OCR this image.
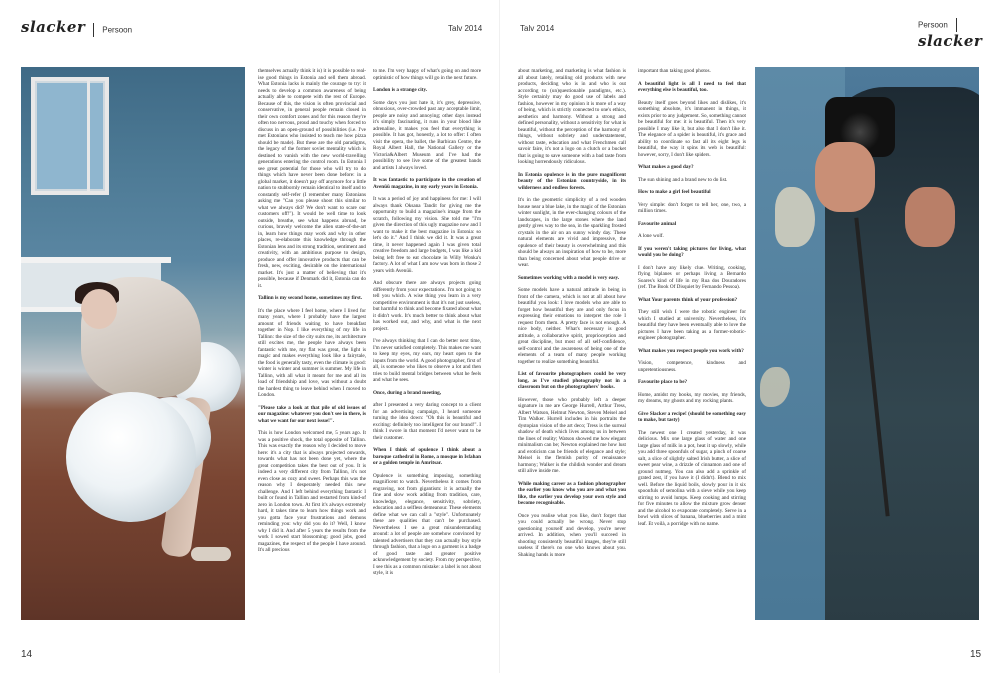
slacker Persoon	Talv 2014

themselves actually think it is) it is possible to real-ise good things in Estonia and sell them abroad. What Estonia lacks is mainly the courage to try: it needs to develop a common awareness of being actually able to compete with the rest of Europe. Because of this, the vision is often provincial and conservative, in general people remain closed in their own comfort zones and for this reason they're often too nervous, proud and touchy when forced to discuss in an open-ground of possibilities (i.e. I've met Estonians who insisted to teach me how pizza should be made). But these are the old paradigms, the legacy of the former soviet mentality which is destined to vanish with the new world-travelling generations entering the control room. In Estonia I see great potential for those who will try to do things which have never been done before: in a global market, it doesn't pay off anymore for a little nation to stubbornly remain identical to itself and to constantly self-refer (I remember many Estonians asking me "Can you please shoot this similar to what we always did? We don't want to scare our customers off!"). It would be well time to look outside, breathe, see what happens abroad, be curious, bravely welcome the alien state-of-the-art in, learn how things may work and why in other places, re-elaborate this knowledge through the Estonian lens and its strong tradition, sentiment and creativity, with an ambitious purpose to design, produce and offer innovative products that can be fresh, new, exciting, desirable on the international market. It's just a matter of believing that it's possible, because if Denmark did it, Estonia can do it.

Tallinn is my second home, sometimes my first.

It's the place where I feel home, where I lived for many years, where I probably have the largest amount of friends waiting to have breakfast together in Nop. I like everything of my life in Tallinn: the size of the city suits me, its architecture still excites me, the people have always been fantastic with me, my flat was great, the light is magic and makes everything look like a fairytale, the food is generally tasty, even the climate is good: winter is winter and summer is summer. My life in Tallinn, with all what it meant for me and all its load of friendship and love, was without a doubt the hardest thing to leave behind when I moved to London.

"Please take a look at that pile of old issues of our magazine: whatever you don't see in there, is what we want for our next issue!".

This is how London welcomed me, 5 years ago. It was a positive shock, the total opposite of Tallinn. This was exactly the reason why I decided to move here: it's a city that is always projected onwards, towards what has not been done yet, where the great competition takes the best out of you. It is indeed a very different city from Tallinn, it's not even close as cozy and sweet. Perhaps this was the reason why I desperately needed this new challenge. And I left behind everything fantastic I built or found in Tallinn and restarted from kind-of zero in London town. At first it's always extremely hard, it takes time to learn how things work and you gotta face your frustrations and demons reminding you: why did you do it? Well, I know why I did it. And after 5 years the results from the work I sowed start blossoming: good jobs, good magazines, the respect of the people I have around. It's all precious

to me. I'm very happy of what's going on and more optimistic of how things will go in the next future.

London is a strange city.

Some days you just hate it, it's grey, depressive, obnoxious, over-crowded past any acceptable limit, people are noisy and annoying; other days instead it's simply fascinating, it runs in your blood like adrenaline, it makes you feel that everything is possible. It has got, honestly, a lot to offer: I often visit the opera, the ballet, the Barbican Centre, the Royal Albert Hall, the National Gallery or the Victoria&Albert Museum and I've had the possibility to see live some of the greatest bands and artists I always loved.

It was fantastic to participate in the creation of Avenüü magazine, in my early years in Estonia.

It was a period of joy and happiness for me: I will always thank Oksana Tandit for giving me the opportunity to build a magazine's image from the scratch, following my vision. She told me "I'm given the direction of this ugly magazine now and I want to make it the best magazine in Estonia: so let's do it." And I think we did it. It was a great time, it never happened again I was given total creative freedom and large budgets, I was like a kid being left free to eat chocolate in Willy Wonka's factory. A lot of what I am now was born in those 2 years with Avenüü.

And obscure there are always projects going differently from your expectations. I'm not going to tell you which. A wise thing you learn in a very competitive environment is that it's not just useless, but harmful to think and become fixated about what it didn't work. It's much better to think about what has worked out, and why, and what is the next project.

I've always thinking that I can do better next time, I'm never satisfied completely. This makes me want to keep my eyes, my ears, my heart open to the inputs from the world. A good photographer, first of all, is someone who likes to observe a lot and then tries to build mental bridges between what he feels and what he sees.

Once, during a brand meeting,

after I presented a very daring concept to a client for an advertising campaign, I heard someone turning the idea down: "Oh this is beautiful and exciting: definitely too intelligent for our brand!". I think I swore in that moment I'd never want to be their customer.

When I think of opulence I think about a baroque cathedral in Rome, a mosque in Isfahan or a golden temple in Amritsar.

Opulence is something imposing, something magnificent to watch. Nevertheless it comes from engraving, not from gigantism: it is actually the fine and slow work adding from tradition, care, knowledge, elegance, sensitivity, sobriety, education and a selfless demeanour. These elements define what we can call a "style". Unfortunately these are qualities that can't be purchased. Nevertheless I see a great misunderstanding around: a lot of people are somehow convinced by talented advertisers that they can actually buy style through fashion, that a logo on a garment is a badge of good taste and greater positive acknowledgement by society. From my perspective, I see this as a common mistake: a label is not about style, it is

14
Talv 2014	Persoon  slacker
15

about marketing, and marketing is what fashion is all about lately, retailing old products with new products, deciding who is in and who is out according to (un)questionable paradigms, etc.). Style certainly may do good use of labels and fashion, however in my opinion it is more of a way of being, which is strictly connected to one's ethics, aesthetics and harmony. Without a strong and defined personality, without a sensitivity for what is beautiful, without the perception of the harmony of things, without sobriety and understatement, without taste, education and what Frenchmen call savoir faire, it's not a logo on a clutch or a bucket that is going to save someone with a bad taste from looking horrendously ridiculous.

In Estonia opulence is in the pure magnificent beauty of the Estonian countryside, in its wilderness and endless forests.

It's in the geometric simplicity of a red wooden house near a blue lake, in the magic of the Estonian winter sunlight, in the ever-changing colours of the landscapes, in the large stones where the land gently gives way to the sea, in the sparkling frosted crystals in the air on an sunny windy day. These natural elements are vivid and impressive, the opulence of their beauty is overwhelming and this should be always an inspiration of how to be, more than being concerned about what people drive or wear.

Sometimes working with a model is very easy.

Some models have a natural attitude in being in front of the camera, which is not at all about how beautiful you look: I love models who are able to forget how beautiful they are and only focus in expressing their emotions to interpret the role I request from them. A pretty face is not enough. A nice body, neither. What's necessary is good attitude, a collaborative spirit, proprioception and great discipline, but most of all self-confidence, self-control and the awareness of being one of the elements of a team of many people working together to realize something beautiful.

List of favourite photographers could be very long, as I've studied photography not in a classroom but on the photographers' books.

However, those who probably left a deeper signature in me are George Hurrell, Arthur Tress, Albert Watson, Helmut Newton, Steven Meisel and Tim Walker. Hurrell includes in his portraits the dystopian vision of the art deco; Tress is the surreal shadow of death which lives among us in between the lines of reality; Watson showed me how elegant minimalism can be; Newton explained me how lust and eroticism can be friends of elegance and style; Meisel is the flemish purity of renaissance harmony; Walker is the childish wonder and dream still alive inside me.

While making career as a fashion photographer the earlier you know who you are and what you like, the earlier you develop your own style and become recognisable.

Once you realise what you like, don't forget that you could actually be wrong. Never stop questioning yourself and develop, you're never arrived. In addition, when you'll succeed in shooting consistently beautiful images, they're still useless if there's no one who knows about you. Shaking hands is more

important than taking good photos.

A beautiful light is all I need to feel that everything else is beautiful, too.

Beauty itself goes beyond likes and dislikes, it's something absolute, it's immanent in things, it exists prior to any judgement. So, something cannot be beautiful for me: it is beautiful. Then it's very possible I may like it, but also that I don't like it. The elegance of a spider is beautiful, it's grace and ability to coordinate so fast all its eight legs is beautiful, the way it spins its web is beautiful: however, sorry, I don't like spiders.

What makes a good day?

The sun shining and a brand new to do list.

How to make a girl feel beautiful

Very simple: don't forget to tell her, one, two, a million times.

Favourite animal

A lone wolf.

If you weren't taking pictures for living, what would you be doing?

I don't have any likely clue. Writing, cooking, flying biplanes or perhaps living a Bernardo Soares's kind of life in my Rua dos Douradores (ref. The Book Of Disquiet by Fernando Pessoa).

What Your parents think of your profession?

They still wish I were the robotic engineer for which I studied at university. Nevertheless, it's beautiful they have been eventually able to love the pictures I have been taking as a former-robotic-engineer photographer.

What makes you respect people you work with?

Vision, competence, kindness and unpretentiousness.

Favourite place to be?

Home, amidst my books, my movies, my friends, my dreams, my ghosts and my rocking plants.

Give Slacker a recipe! (should be something easy to make, but tasty)

The newest one I created yesterday, it was delicious. Mix one large glass of water and one large glass of milk in a pot, heat it up slowly, while you add three spoonfuls of sugar, a pinch of coarse salt, a slice of slightly salted Irish butter, a slice of sweet pear wine, a drizzle of cinnamon and one of ground nutmeg. You can also add a sprinkle of grated zest, if you have it (I didn't). Blend to mix well. Before the liquid boils, slowly pour in it six spoonfuls of semolina with a sieve while you keep stirring to avoid lumps. Keep cooking and stirring for five minutes to allow the mixture grow denser and the alcohol to evaporate completely. Serve in a bowl with slices of banana, blueberries and a mint leaf. Et voilà, a porridge with no name.
